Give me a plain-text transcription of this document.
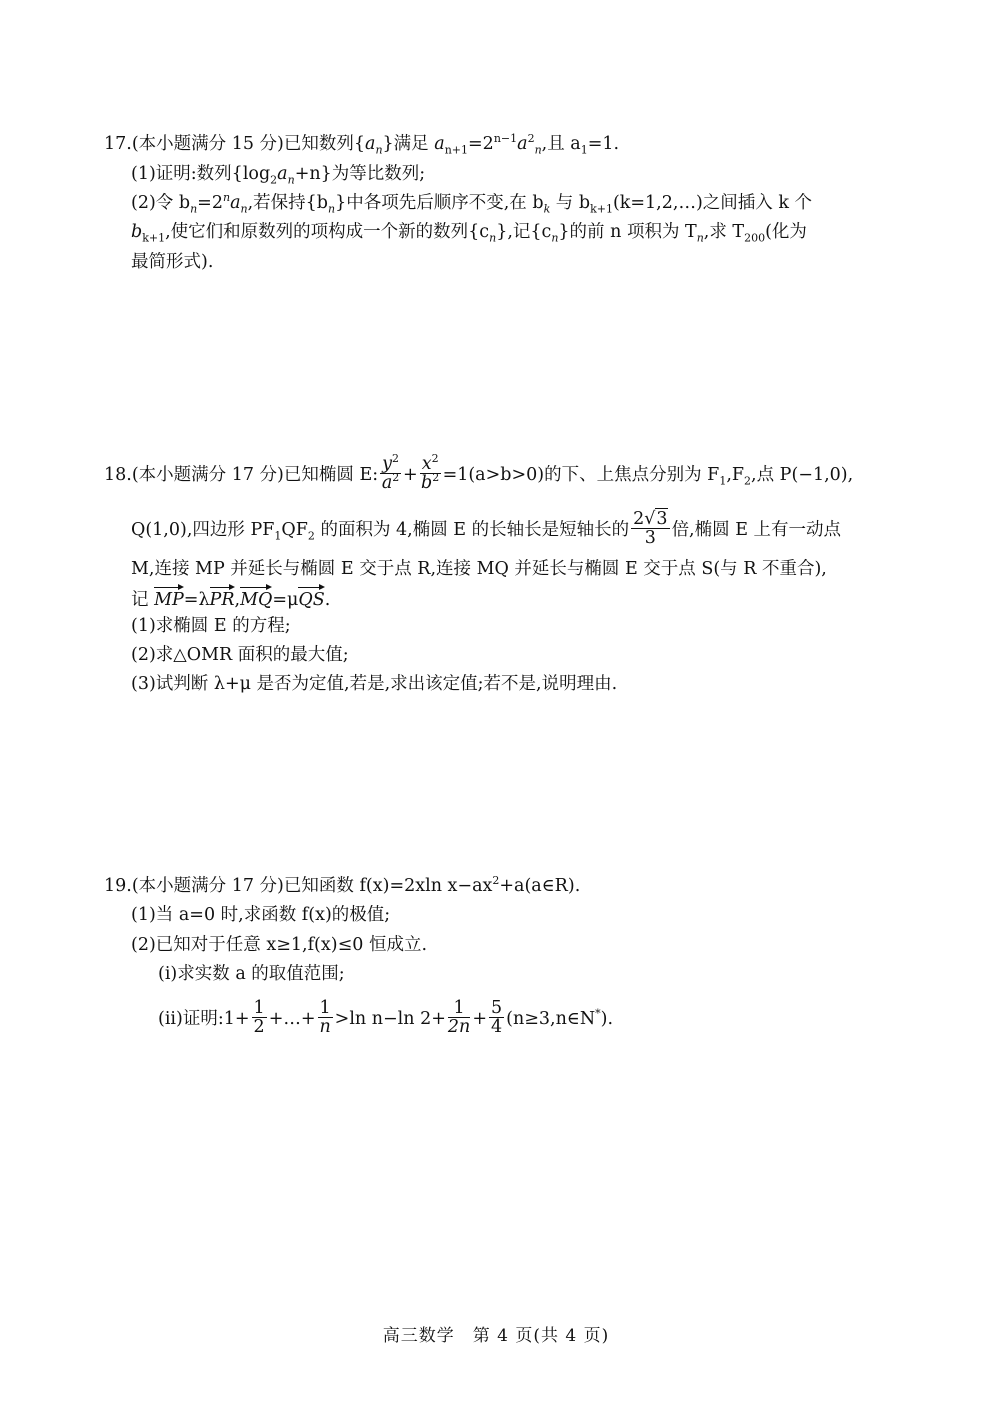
17.(本小题满分 15 分)已知数列$\{a_n\}$满足 $a_{n+1}=2^{n-1}a^2_n$,且 $a_1=1$.
(1)证明:数列$\{\log_2a_n+n\}$为等比数列;
(2)令 $b_n=2^na_n$,若保持$\{b_n\}$中各项先后顺序不变,在 $b_k$ 与 $b_{k+1}(k=1,2,\dots)$之间插入 k 个
$b_{k+1}$,使它们和原数列的项构成一个新的数列$\{c_n\}$,记$\{c_n\}$的前 n 项积为 $T_n$,求 $T_{200}$(化为
最简形式).
18.(本小题满分 17 分)已知椭圆 E: $\frac{y^2}{a^2} + \frac{x^2}{b^2} =1(a>b>0)$的下、上焦点分别为 $F_1,F_2$,点 P(−1,0),
Q(1,0),四边形 $PF_1QF_2$ 的面积为 4,椭圆 E 的长轴长是短轴长的 $\frac{2√3}{3}$ 倍,椭圆 E 上有一动点
M,连接 MP 并延长与椭圆 E 交于点 R,连接 MQ 并延长与椭圆 E 交于点 S(与 R 不重合),
记 MP=λPR,MQ=μQS.
(1)求椭圆 E 的方程;
(2)求△OMR 面积的最大值;
(3)试判断 λ+μ 是否为定值,若是,求出该定值;若不是,说明理由.
19.(本小题满分 17 分)已知函数 f(x)=2xln $x-ax^2+a(a\in R)$.
(1)当 a=0 时,求函数 f(x)的极值;
(2)已知对于任意 x≥1,f(x)≤0 恒成立.
(i)求实数 a 的取值范围;
(ii)证明:1+ $\frac{1}{2}$ +…+ $\frac{1}{n} >\ln$ n−ln $2+ \frac{1}{2n} + \frac{5}{4}$ (n≥3,n∈N*).
高三数学　第 4 页(共 4 页)
